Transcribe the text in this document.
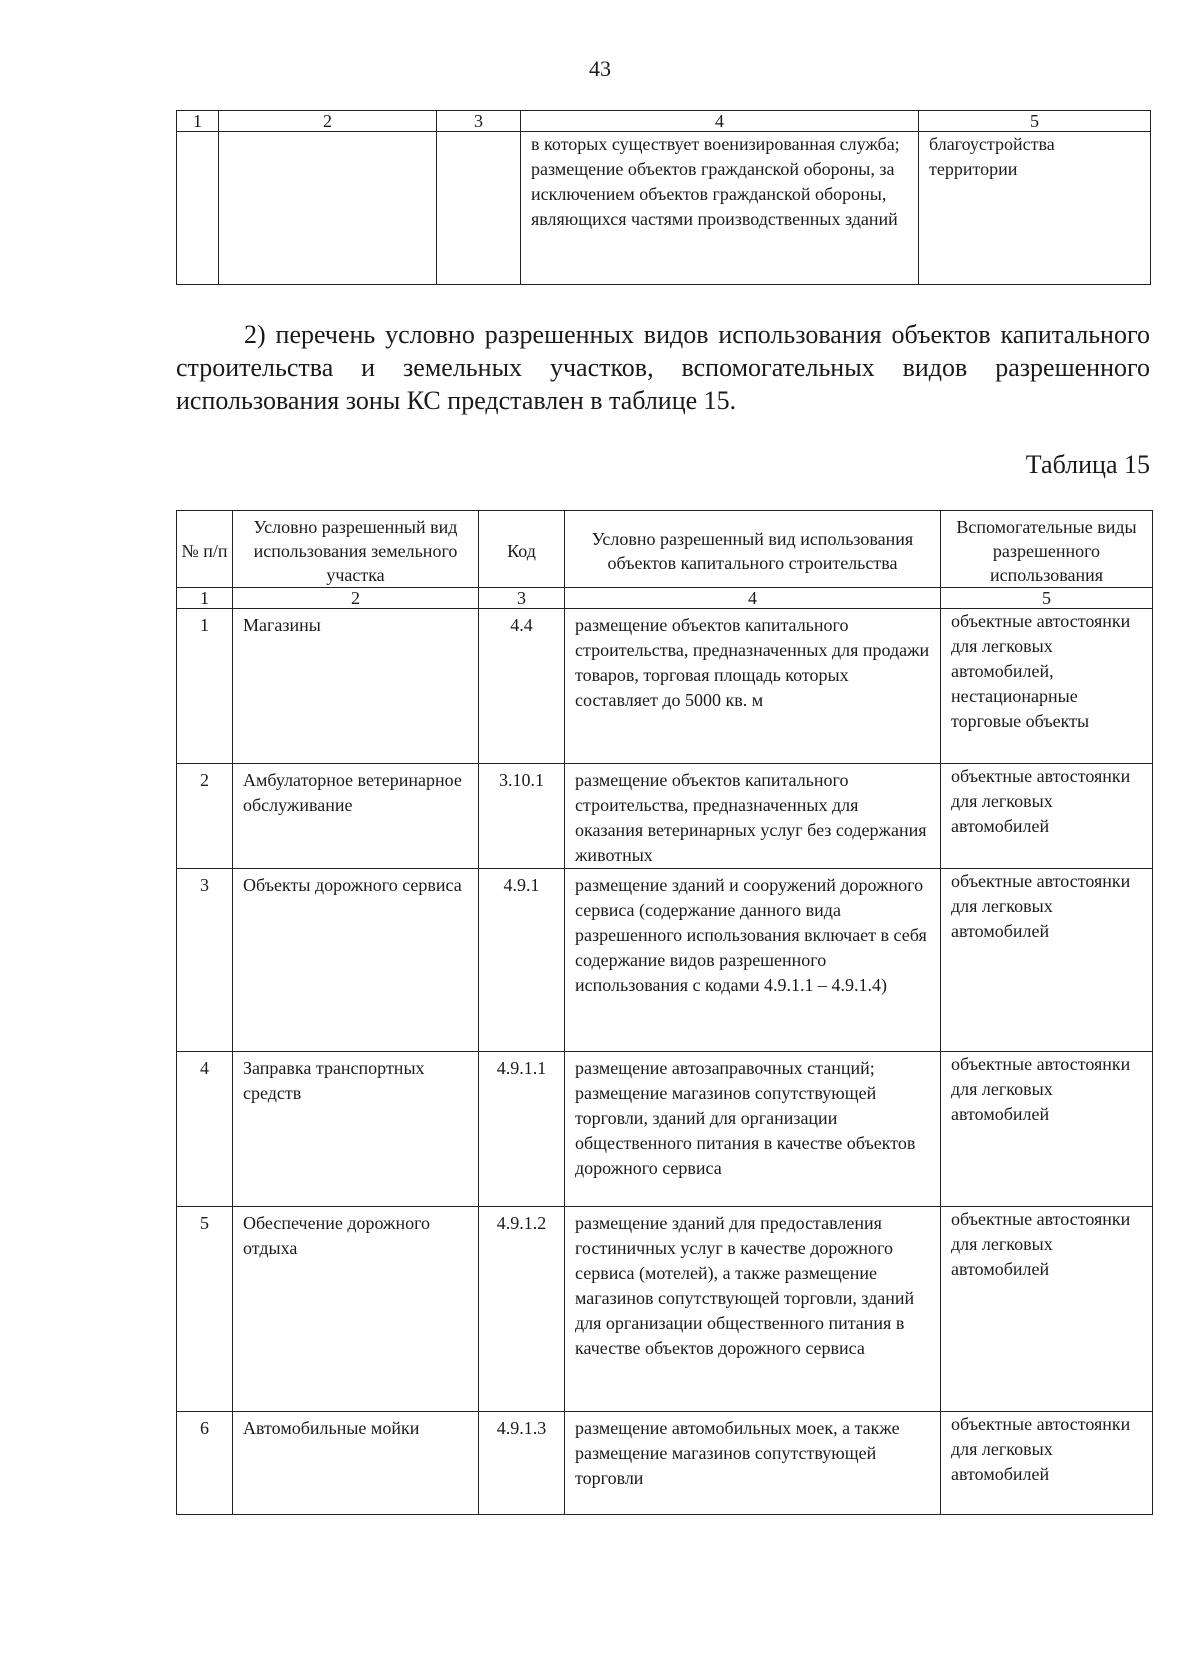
43
1	2	3	4	5
			в которых существует военизированная служба; размещение объектов гражданской обороны, за исключением объектов гражданской обороны, являющихся частями производственных зданий	благоустройства территории
2) перечень условно разрешенных видов использования объектов капитального строительства и земельных участков, вспомогательных видов разрешенного использования зоны КС представлен в таблице 15.
Таблица 15
№ п/п	Условно разрешенный вид использования земельного участка	Код	Условно разрешенный вид использования объектов капитального строительства	Вспомогательные виды разрешенного использования
1	2	3	4	5
1	Магазины	4.4	размещение объектов капитального строительства, предназначенных для продажи товаров, торговая площадь которых составляет до 5000 кв. м	объектные автостоянки для легковых автомобилей, нестационарные торговые объекты
2	Амбулаторное ветеринарное обслуживание	3.10.1	размещение объектов капитального строительства, предназначенных для оказания ветеринарных услуг без содержания животных	объектные автостоянки для легковых автомобилей
3	Объекты дорожного сервиса	4.9.1	размещение зданий и сооружений дорожного сервиса (содержание данного вида разрешенного использования включает в себя содержание видов разрешенного использования с кодами 4.9.1.1 – 4.9.1.4)	объектные автостоянки для легковых автомобилей
4	Заправка транспортных средств	4.9.1.1	размещение автозаправочных станций; размещение магазинов сопутствующей торговли, зданий для организации общественного питания в качестве объектов дорожного сервиса	объектные автостоянки для легковых автомобилей
5	Обеспечение дорожного отдыха	4.9.1.2	размещение зданий для предоставления гостиничных услуг в качестве дорожного сервиса (мотелей), а также размещение магазинов сопутствующей торговли, зданий для организации общественного питания в качестве объектов дорожного сервиса	объектные автостоянки для легковых автомобилей
6	Автомобильные мойки	4.9.1.3	размещение автомобильных моек, а также размещение магазинов сопутствующей торговли	объектные автостоянки для легковых автомобилей
